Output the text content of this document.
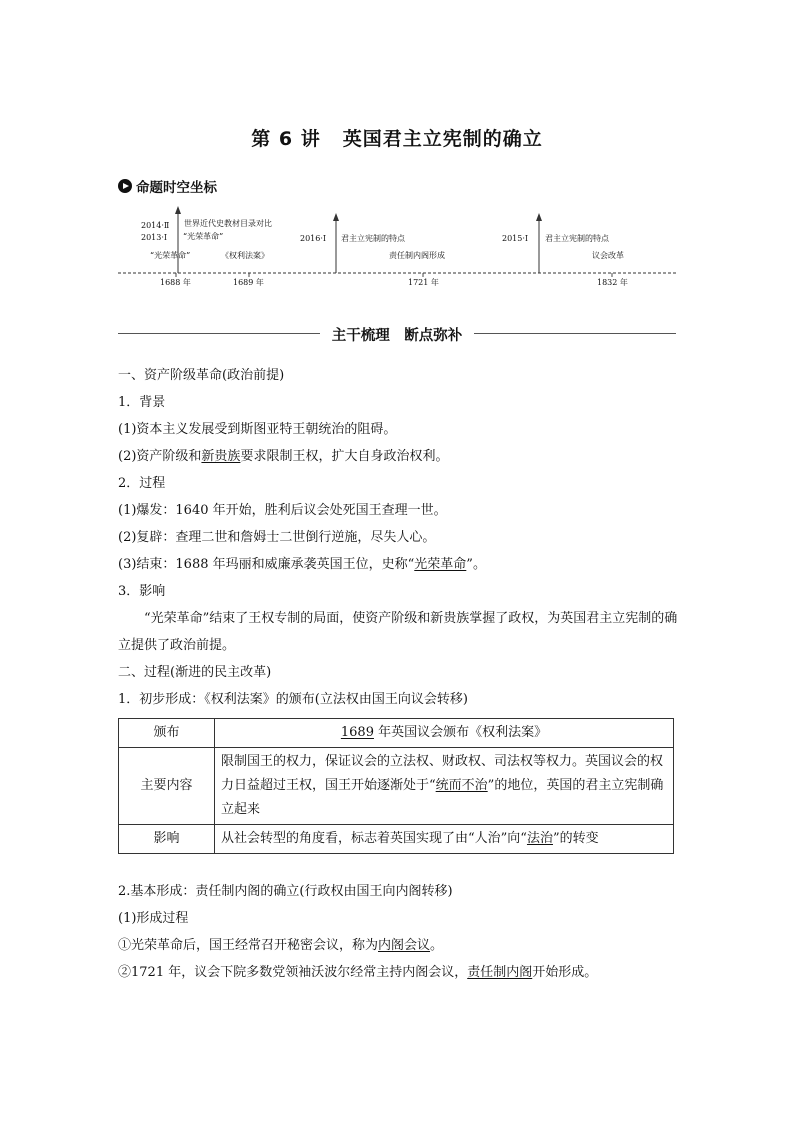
第 6 讲 英国君主立宪制的确立
命题时空坐标
2014·Ⅱ
2013·Ⅰ
世界近代史教材目录对比
“光荣革命”	2016·Ⅰ 君主立宪制的特点	2015·Ⅰ 君主立宪制的特点
“光荣革命”	《权利法案》	责任制内阁形成	议会改革
1688 年	1689 年	1721 年	1832 年
主干梳理　断点弥补
一、资产阶级革命(政治前提)
1．背景
(1)资本主义发展受到斯图亚特王朝统治的阻碍。
(2)资产阶级和新贵族要求限制王权，扩大自身政治权利。
2．过程
(1)爆发：1640 年开始，胜利后议会处死国王查理一世。
(2)复辟：查理二世和詹姆士二世倒行逆施，尽失人心。
(3)结束：1688 年玛丽和威廉承袭英国王位，史称“光荣革命”。
3．影响
“光荣革命”结束了王权专制的局面，使资产阶级和新贵族掌握了政权，为英国君主立宪制的确立提供了政治前提。
二、过程(渐进的民主改革)
1．初步形成：《权利法案》的颁布(立法权由国王向议会转移)
颁布	1689 年英国议会颁布《权利法案》
主要内容	限制国王的权力，保证议会的立法权、财政权、司法权等权力。英国议会的权力日益超过王权，国王开始逐渐处于“统而不治”的地位，英国的君主立宪制确立起来
影响	从社会转型的角度看，标志着英国实现了由“人治”向“法治”的转变
2.基本形成：责任制内阁的确立(行政权由国王向内阁转移)
(1)形成过程
①光荣革命后，国王经常召开秘密会议，称为内阁会议。
②1721 年，议会下院多数党领袖沃波尔经常主持内阁会议，责任制内阁开始形成。
